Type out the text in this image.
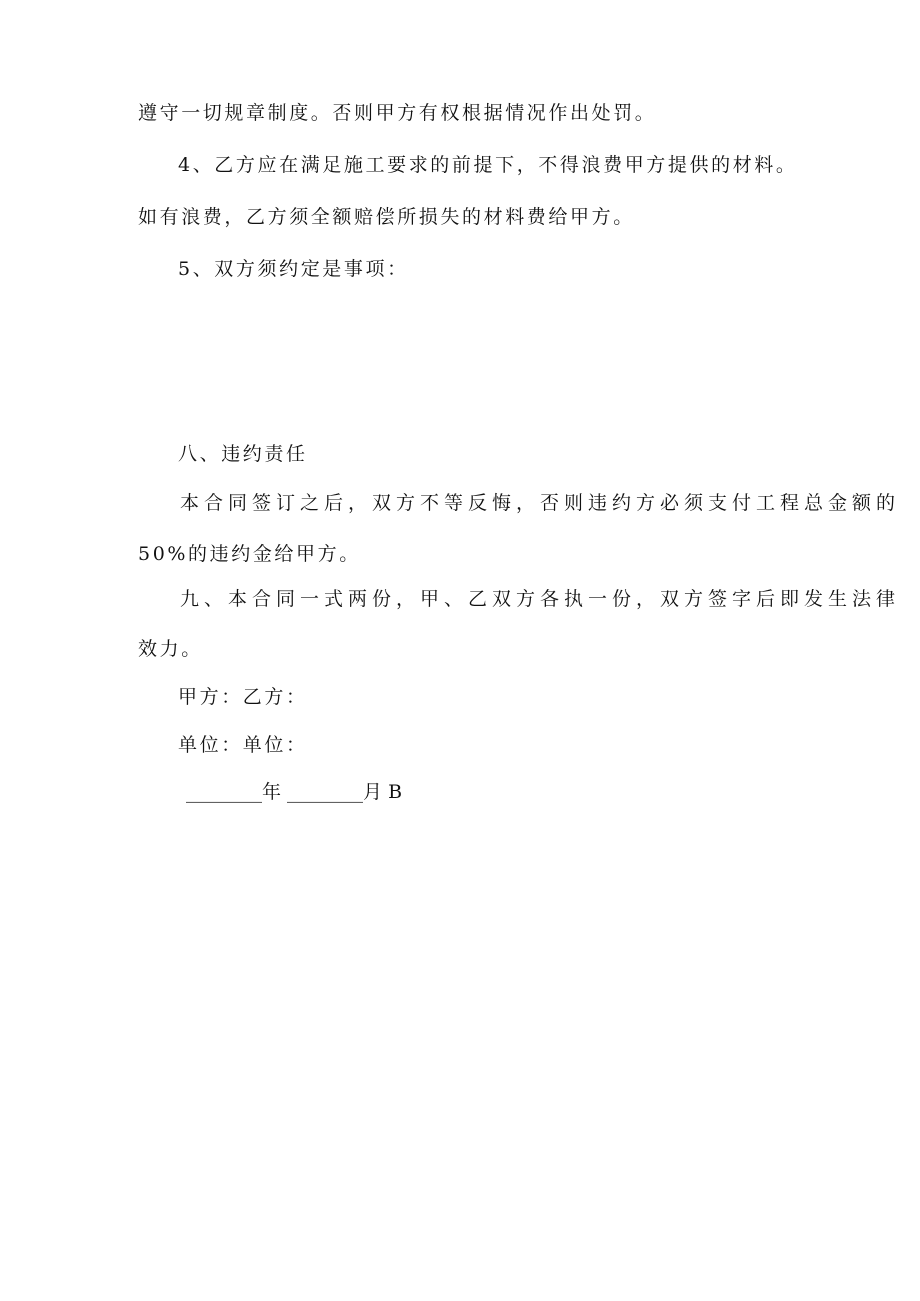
遵守一切规章制度。否则甲方有权根据情况作出处罚。
4、乙方应在满足施工要求的前提下，不得浪费甲方提供的材料。
如有浪费，乙方须全额赔偿所损失的材料费给甲方。
5、双方须约定是事项：
八、违约责任
本合同签订之后，双方不等反悔，否则违约方必须支付工程总金额的
50%的违约金给甲方。
九、本合同一式两份，甲、乙双方各执一份，双方签字后即发生法律
效力。
甲方：乙方：
单位：单位：
________年 ________月 B
